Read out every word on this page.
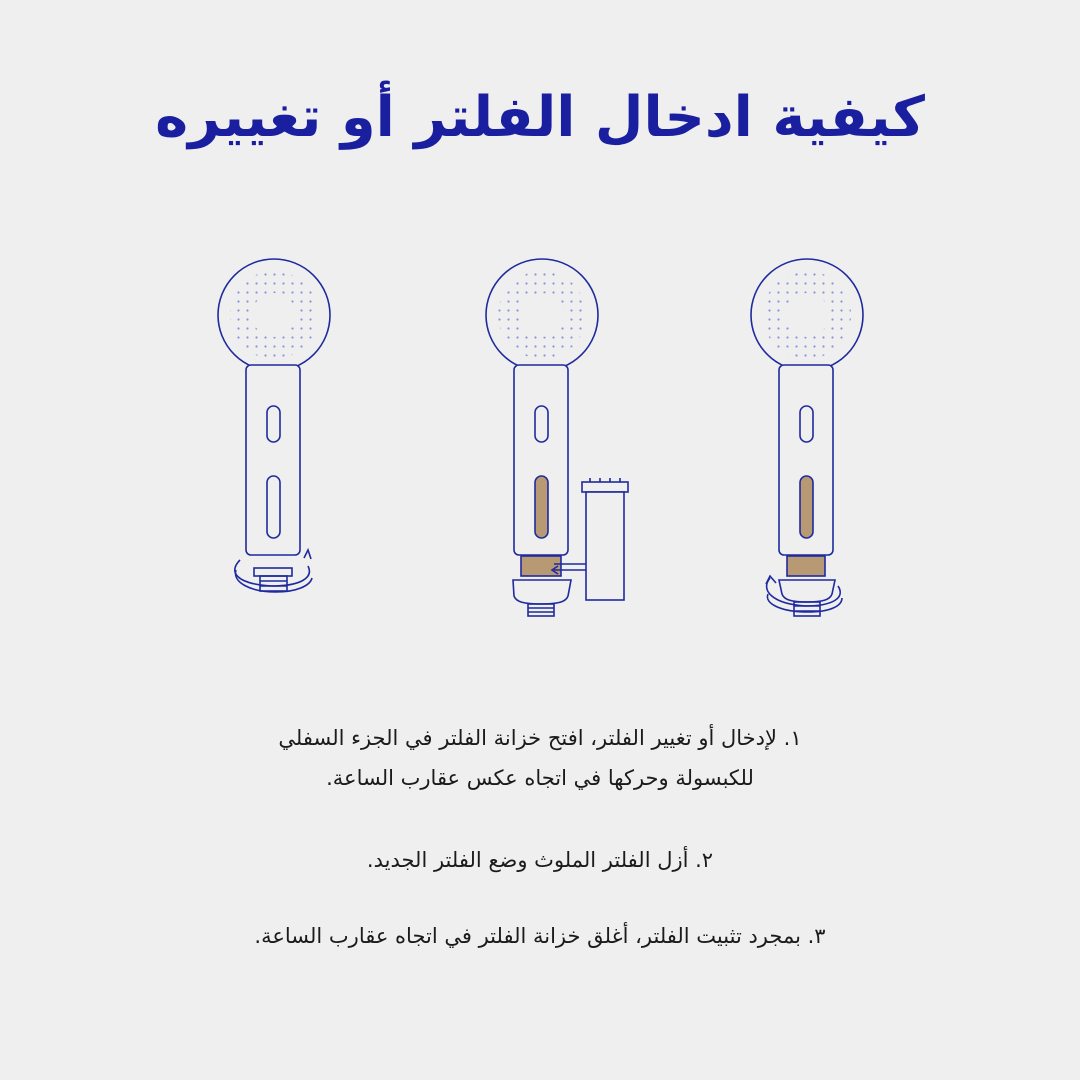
كيفية ادخال الفلتر أو تغييره

١. لإدخال أو تغيير الفلتر، افتح خزانة الفلتر في الجزء السفلي للكبسولة وحركها في اتجاه عكس عقارب الساعة.

٢. أزل الفلتر الملوث وضع الفلتر الجديد.

٣. بمجرد تثبيت الفلتر، أغلق خزانة الفلتر في اتجاه عقارب الساعة.
